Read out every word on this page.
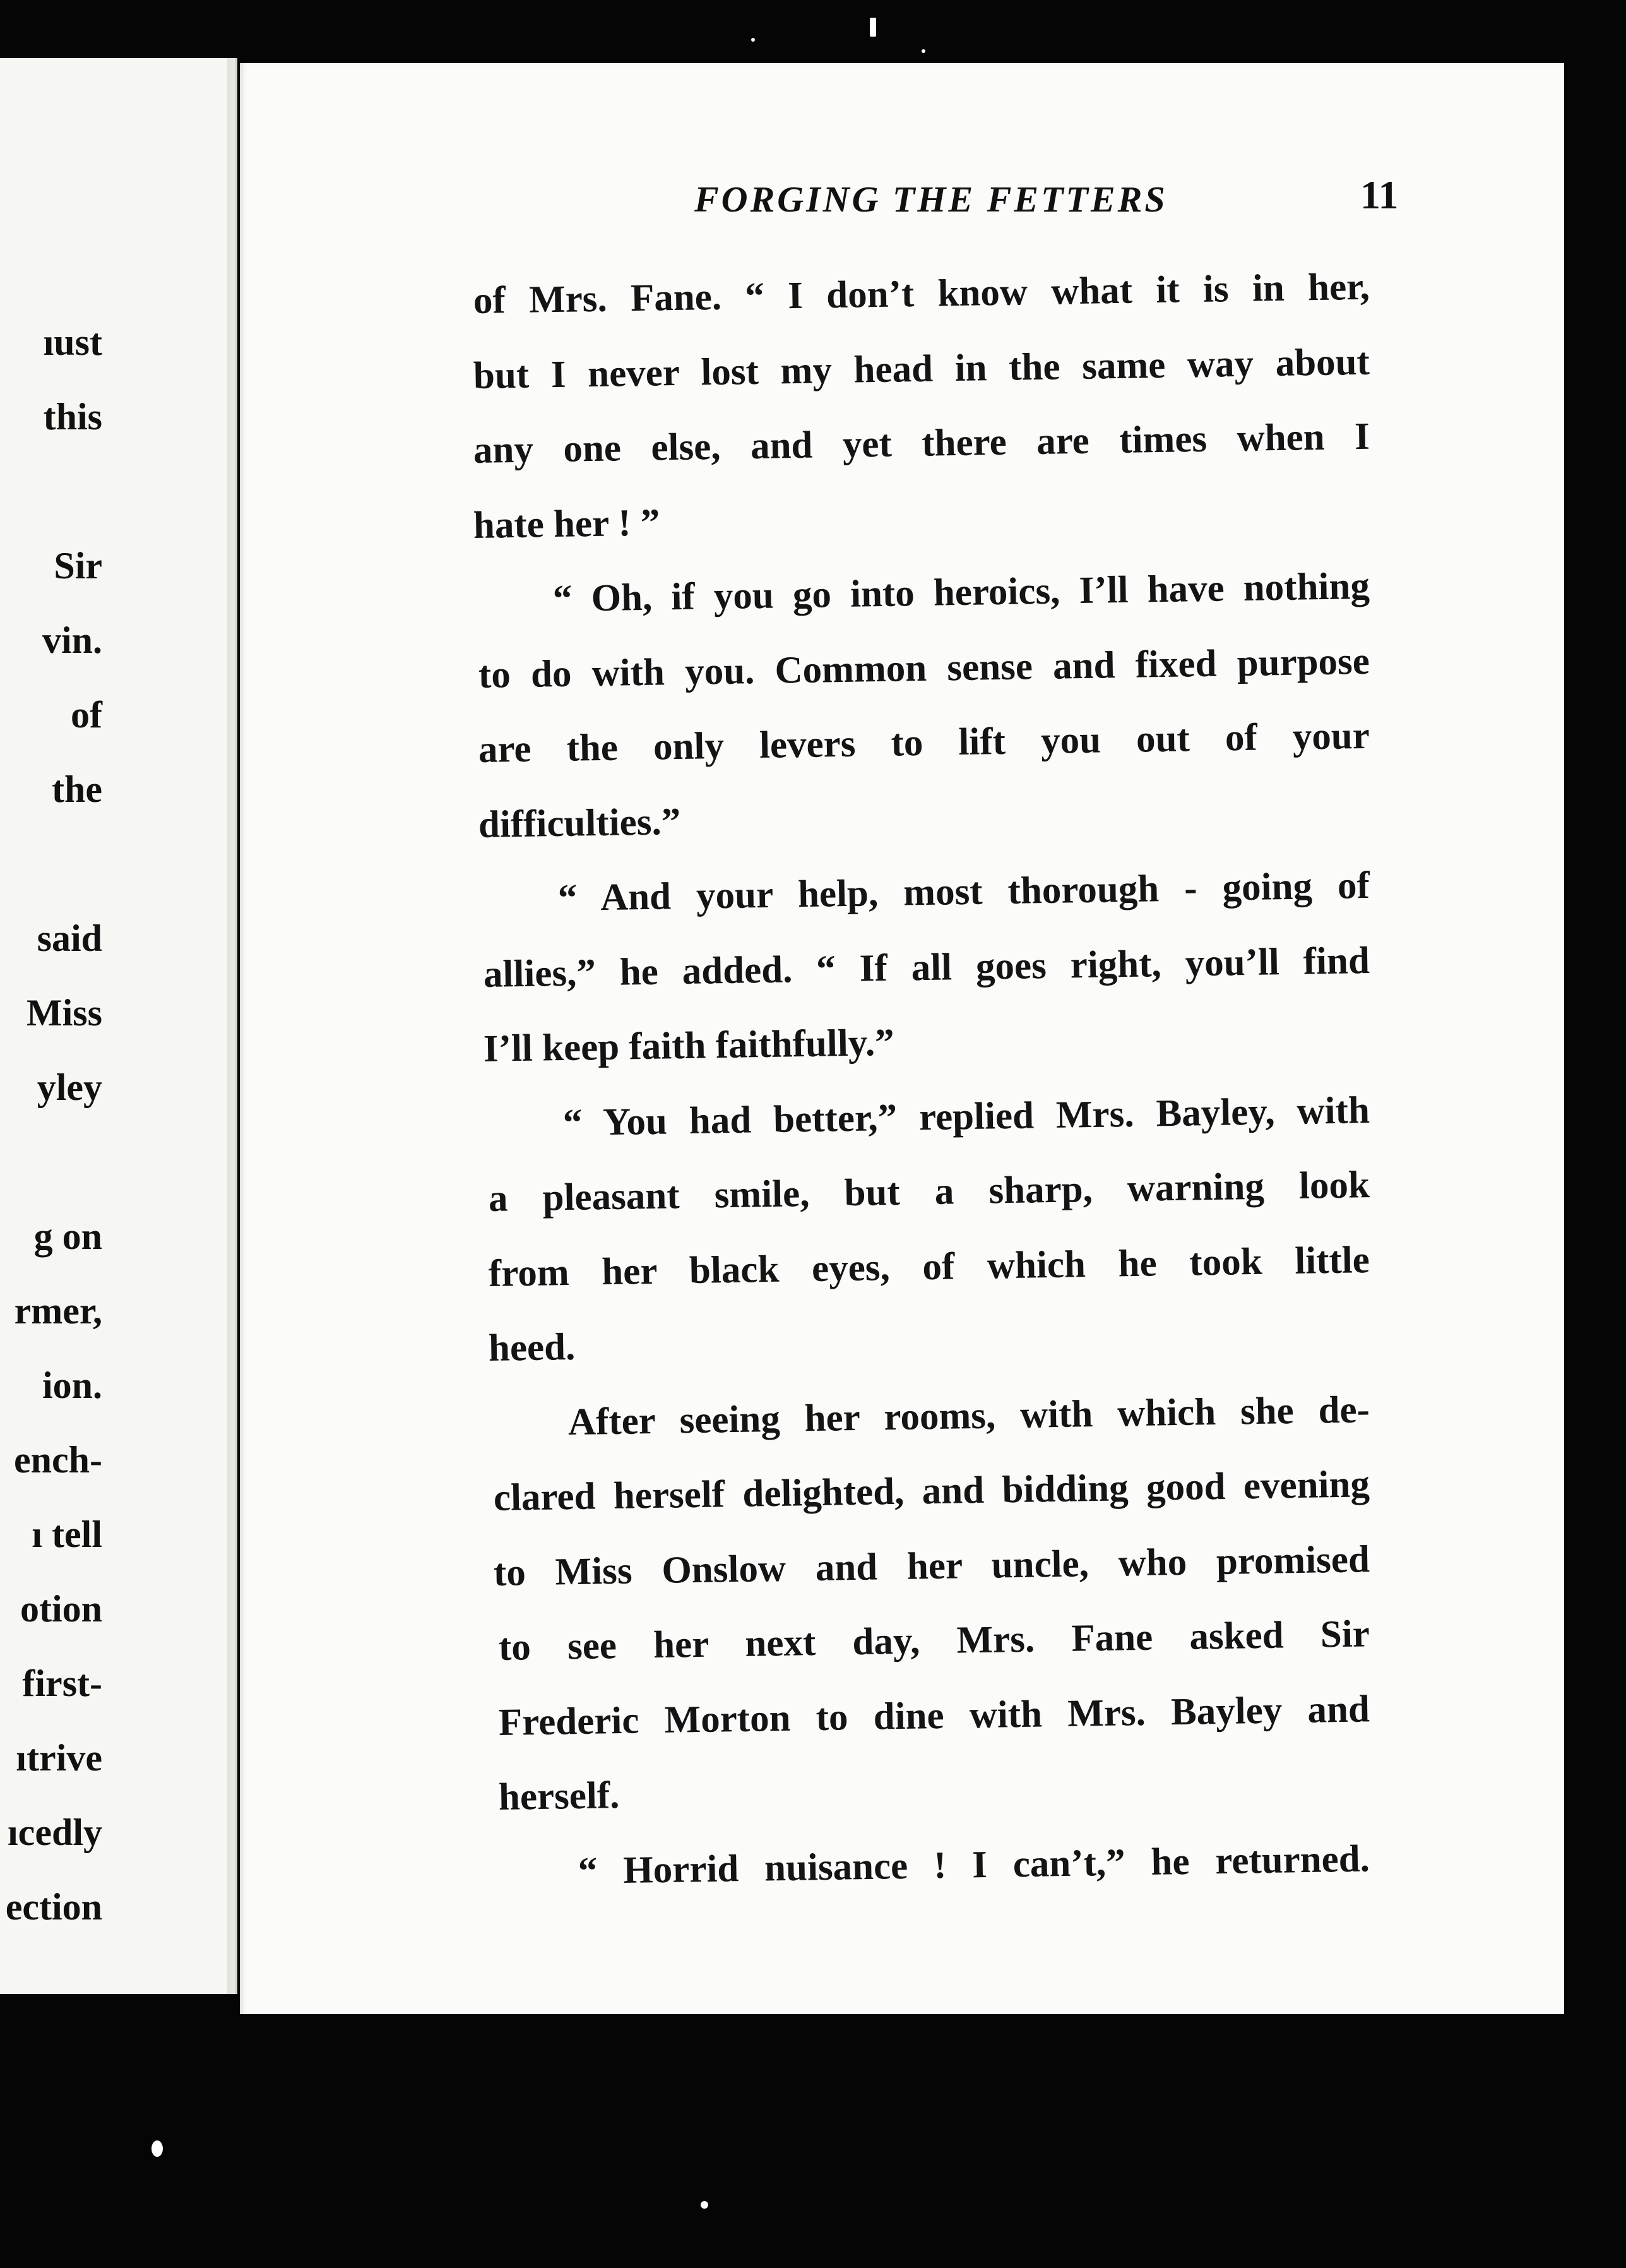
ıust
this
Sir
vin.
of
the
said
Miss
yley
g on
rmer,
ion.
ench-
ı tell
otion
first-
ıtrive
ıcedly
ection
FORGING THE FETTERS	11
of Mrs. Fane. “ I don’t know what it is in her,
but I never lost my head in the same way about
any one else, and yet there are times when I
hate her ! ”
“ Oh, if you go into heroics, I’ll have nothing
to do with you. Common sense and fixed purpose
are the only levers to lift you out of your
difficulties.”
“ And your help, most thorough - going of
allies,” he added. “ If all goes right, you’ll find
I’ll keep faith faithfully.”
“ You had better,” replied Mrs. Bayley, with
a pleasant smile, but a sharp, warning look
from her black eyes, of which he took little
heed.
After seeing her rooms, with which she de-
clared herself delighted, and bidding good evening
to Miss Onslow and her uncle, who promised
to see her next day, Mrs. Fane asked Sir
Frederic Morton to dine with Mrs. Bayley and
herself.
“ Horrid nuisance ! I can’t,” he returned.
